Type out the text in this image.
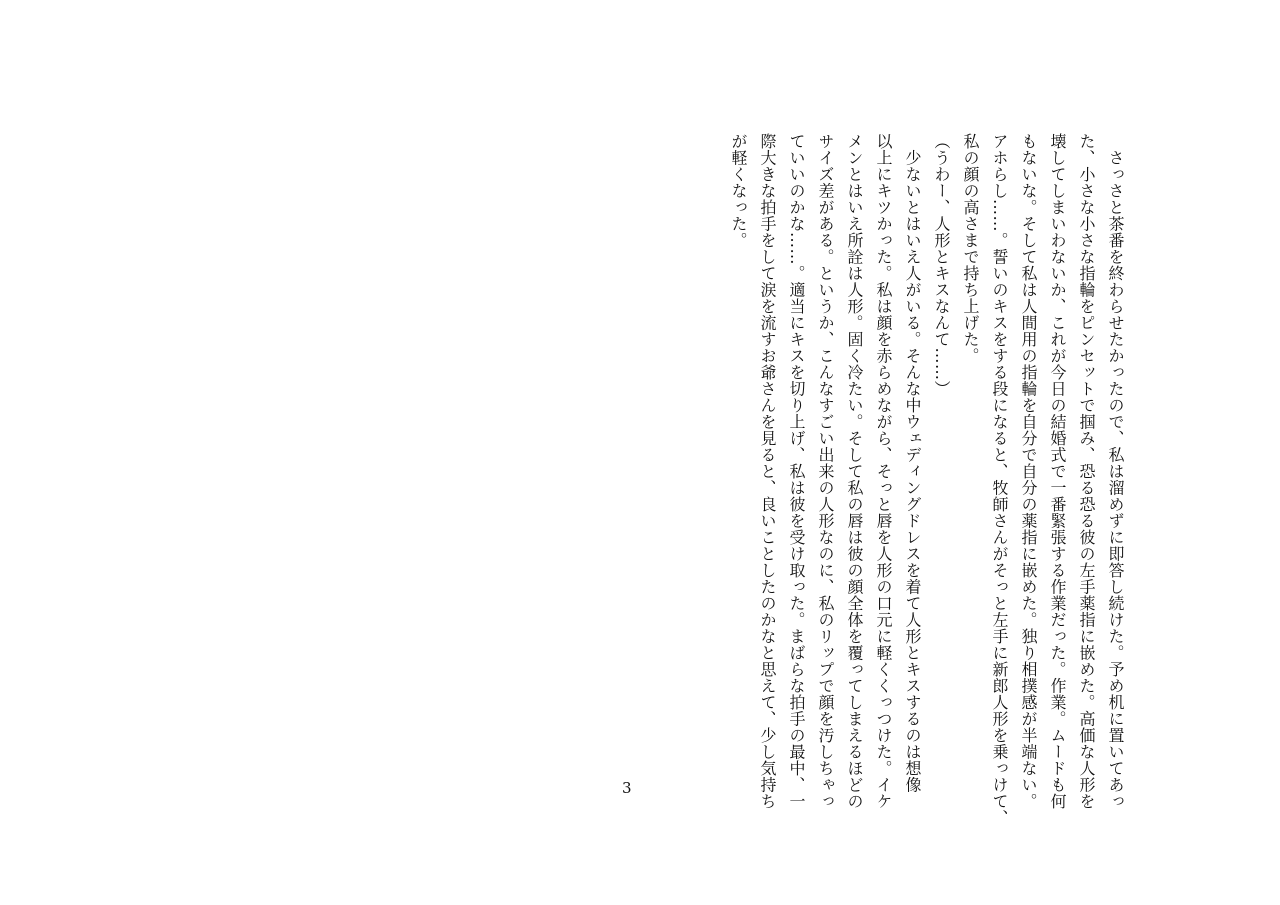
　さっさと茶番を終わらせたかったので、私は溜めずに即答し続けた。予め机に置いてあっ
た、小さな小さな指輪をピンセットで掴み、恐る恐る彼の左手薬指に嵌めた。高価な人形を
壊してしまいわないか、これが今日の結婚式で一番緊張する作業だった。作業。ムードも何
もないな。そして私は人間用の指輪を自分で自分の薬指に嵌めた。独り相撲感が半端ない。
アホらし……。誓いのキスをする段になると、牧師さんがそっと左手に新郎人形を乗っけて、
私の顔の高さまで持ち上げた。
（うわー、人形とキスなんて……）
　少ないとはいえ人がいる。そんな中ウェディングドレスを着て人形とキスするのは想像
以上にキツかった。私は顔を赤らめながら、そっと唇を人形の口元に軽くくっつけた。イケ
メンとはいえ所詮は人形。固く冷たい。そして私の唇は彼の顔全体を覆ってしまえるほどの
サイズ差がある。というか、こんなすごい出来の人形なのに、私のリップで顔を汚しちゃっ
ていいのかな……。適当にキスを切り上げ、私は彼を受け取った。まばらな拍手の最中、一
際大きな拍手をして涙を流すお爺さんを見ると、良いことしたのかなと思えて、少し気持ち
が軽くなった。
3
